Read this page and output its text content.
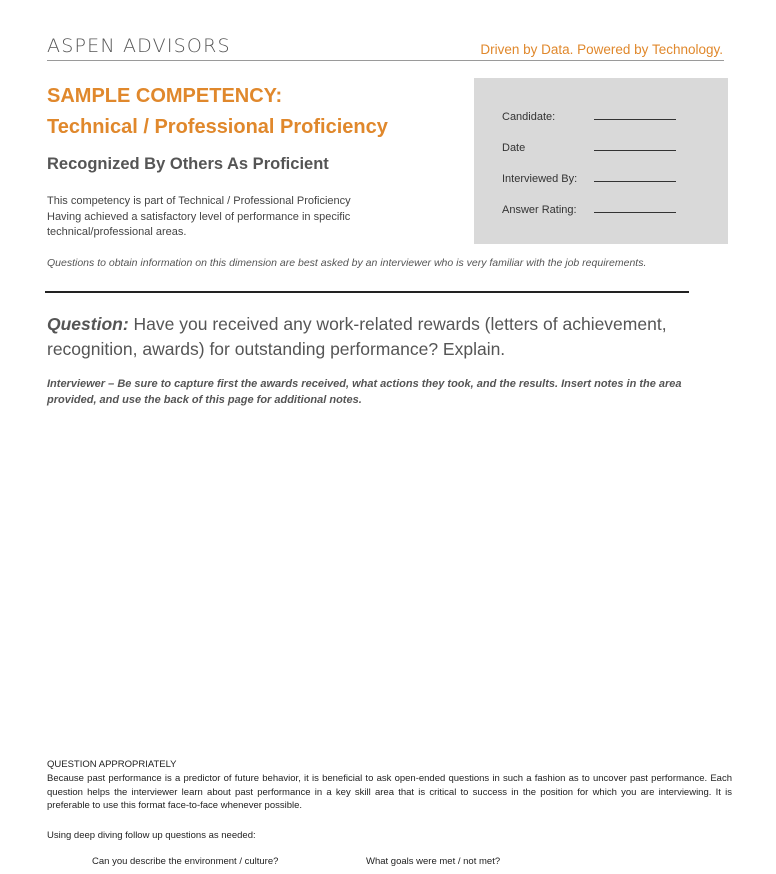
ASPEN ADVISORS	Driven by Data. Powered by Technology.
SAMPLE COMPETENCY:
Technical / Professional Proficiency
Recognized By Others As Proficient
This competency is part of Technical / Professional Proficiency
Having achieved a satisfactory level of performance in specific technical/professional areas.
Candidate:
Date
Interviewed By:
Answer Rating:
Questions to obtain information on this dimension are best asked by an interviewer who is very familiar with the job requirements.
Question: Have you received any work-related rewards (letters of achievement, recognition, awards) for outstanding performance? Explain.
Interviewer – Be sure to capture first the awards received, what actions they took, and the results. Insert notes in the area provided, and use the back of this page for additional notes.
QUESTION APPROPRIATELY
Because past performance is a predictor of future behavior, it is beneficial to ask open-ended questions in such a fashion as to uncover past performance. Each question helps the interviewer learn about past performance in a key skill area that is critical to success in the position for which you are interviewing. It is preferable to use this format face-to-face whenever possible.
Using deep diving follow up questions as needed:
Can you describe the environment / culture?	What goals were met / not met?
